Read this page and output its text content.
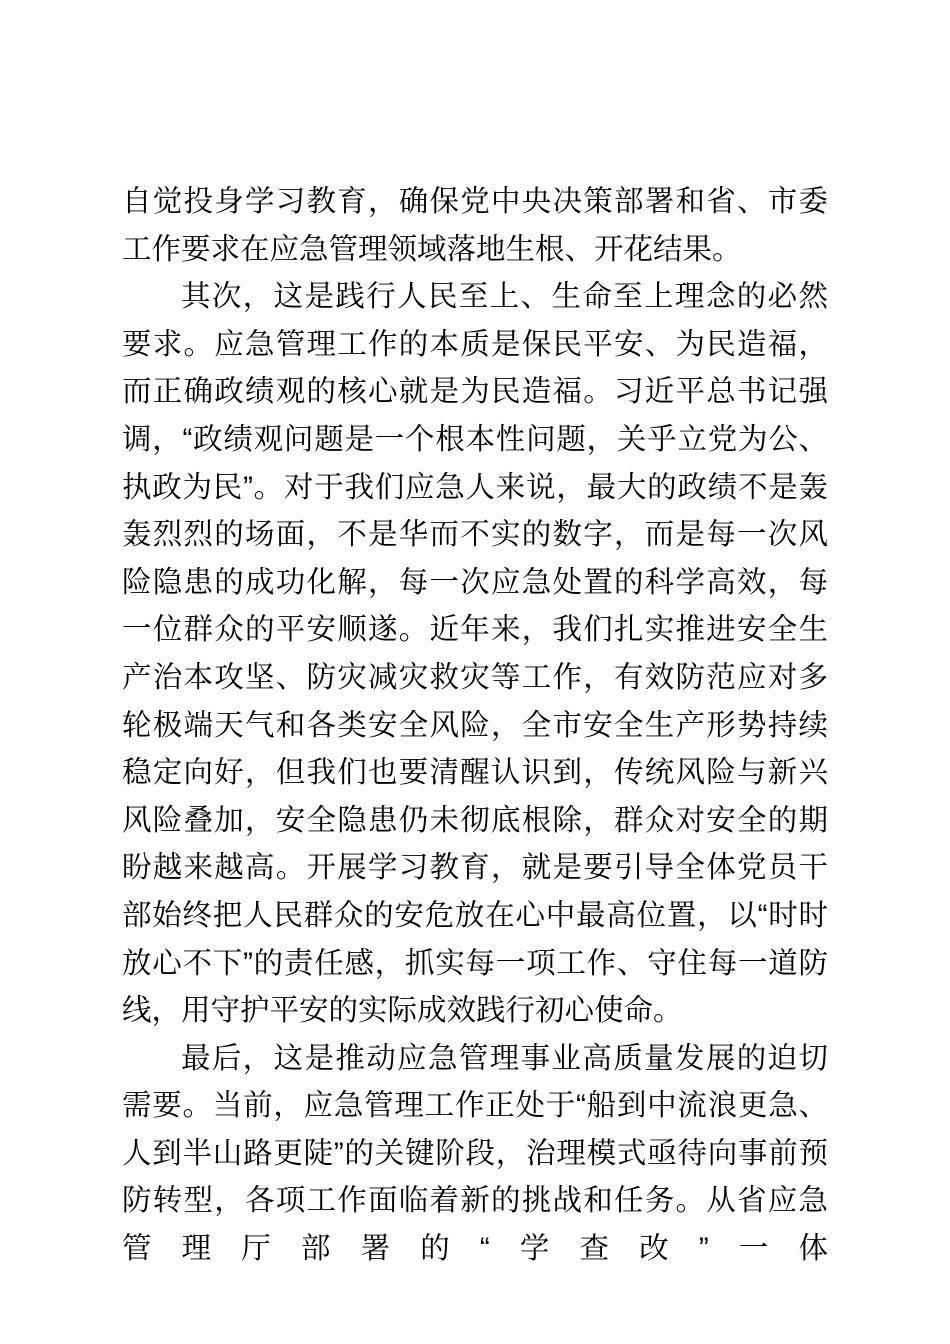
自觉投身学习教育，确保党中央决策部署和省、市委工作要求在应急管理领域落地生根、开花结果。

其次，这是践行人民至上、生命至上理念的必然要求。应急管理工作的本质是保民平安、为民造福，而正确政绩观的核心就是为民造福。习近平总书记强调，“政绩观问题是一个根本性问题，关乎立党为公、执政为民”。对于我们应急人来说，最大的政绩不是轰轰烈烈的场面，不是华而不实的数字，而是每一次风险隐患的成功化解，每一次应急处置的科学高效，每一位群众的平安顺遂。近年来，我们扎实推进安全生产治本攻坚、防灾减灾救灾等工作，有效防范应对多轮极端天气和各类安全风险，全市安全生产形势持续稳定向好，但我们也要清醒认识到，传统风险与新兴风险叠加，安全隐患仍未彻底根除，群众对安全的期盼越来越高。开展学习教育，就是要引导全体党员干部始终把人民群众的安危放在心中最高位置，以“时时放心不下”的责任感，抓实每一项工作、守住每一道防线，用守护平安的实际成效践行初心使命。

最后，这是推动应急管理事业高质量发展的迫切需要。当前，应急管理工作正处于“船到中流浪更急、人到半山路更陡”的关键阶段，治理模式亟待向事前预防转型，各项工作面临着新的挑战和任务。从省应急管理厅部署的“学查改”一体
